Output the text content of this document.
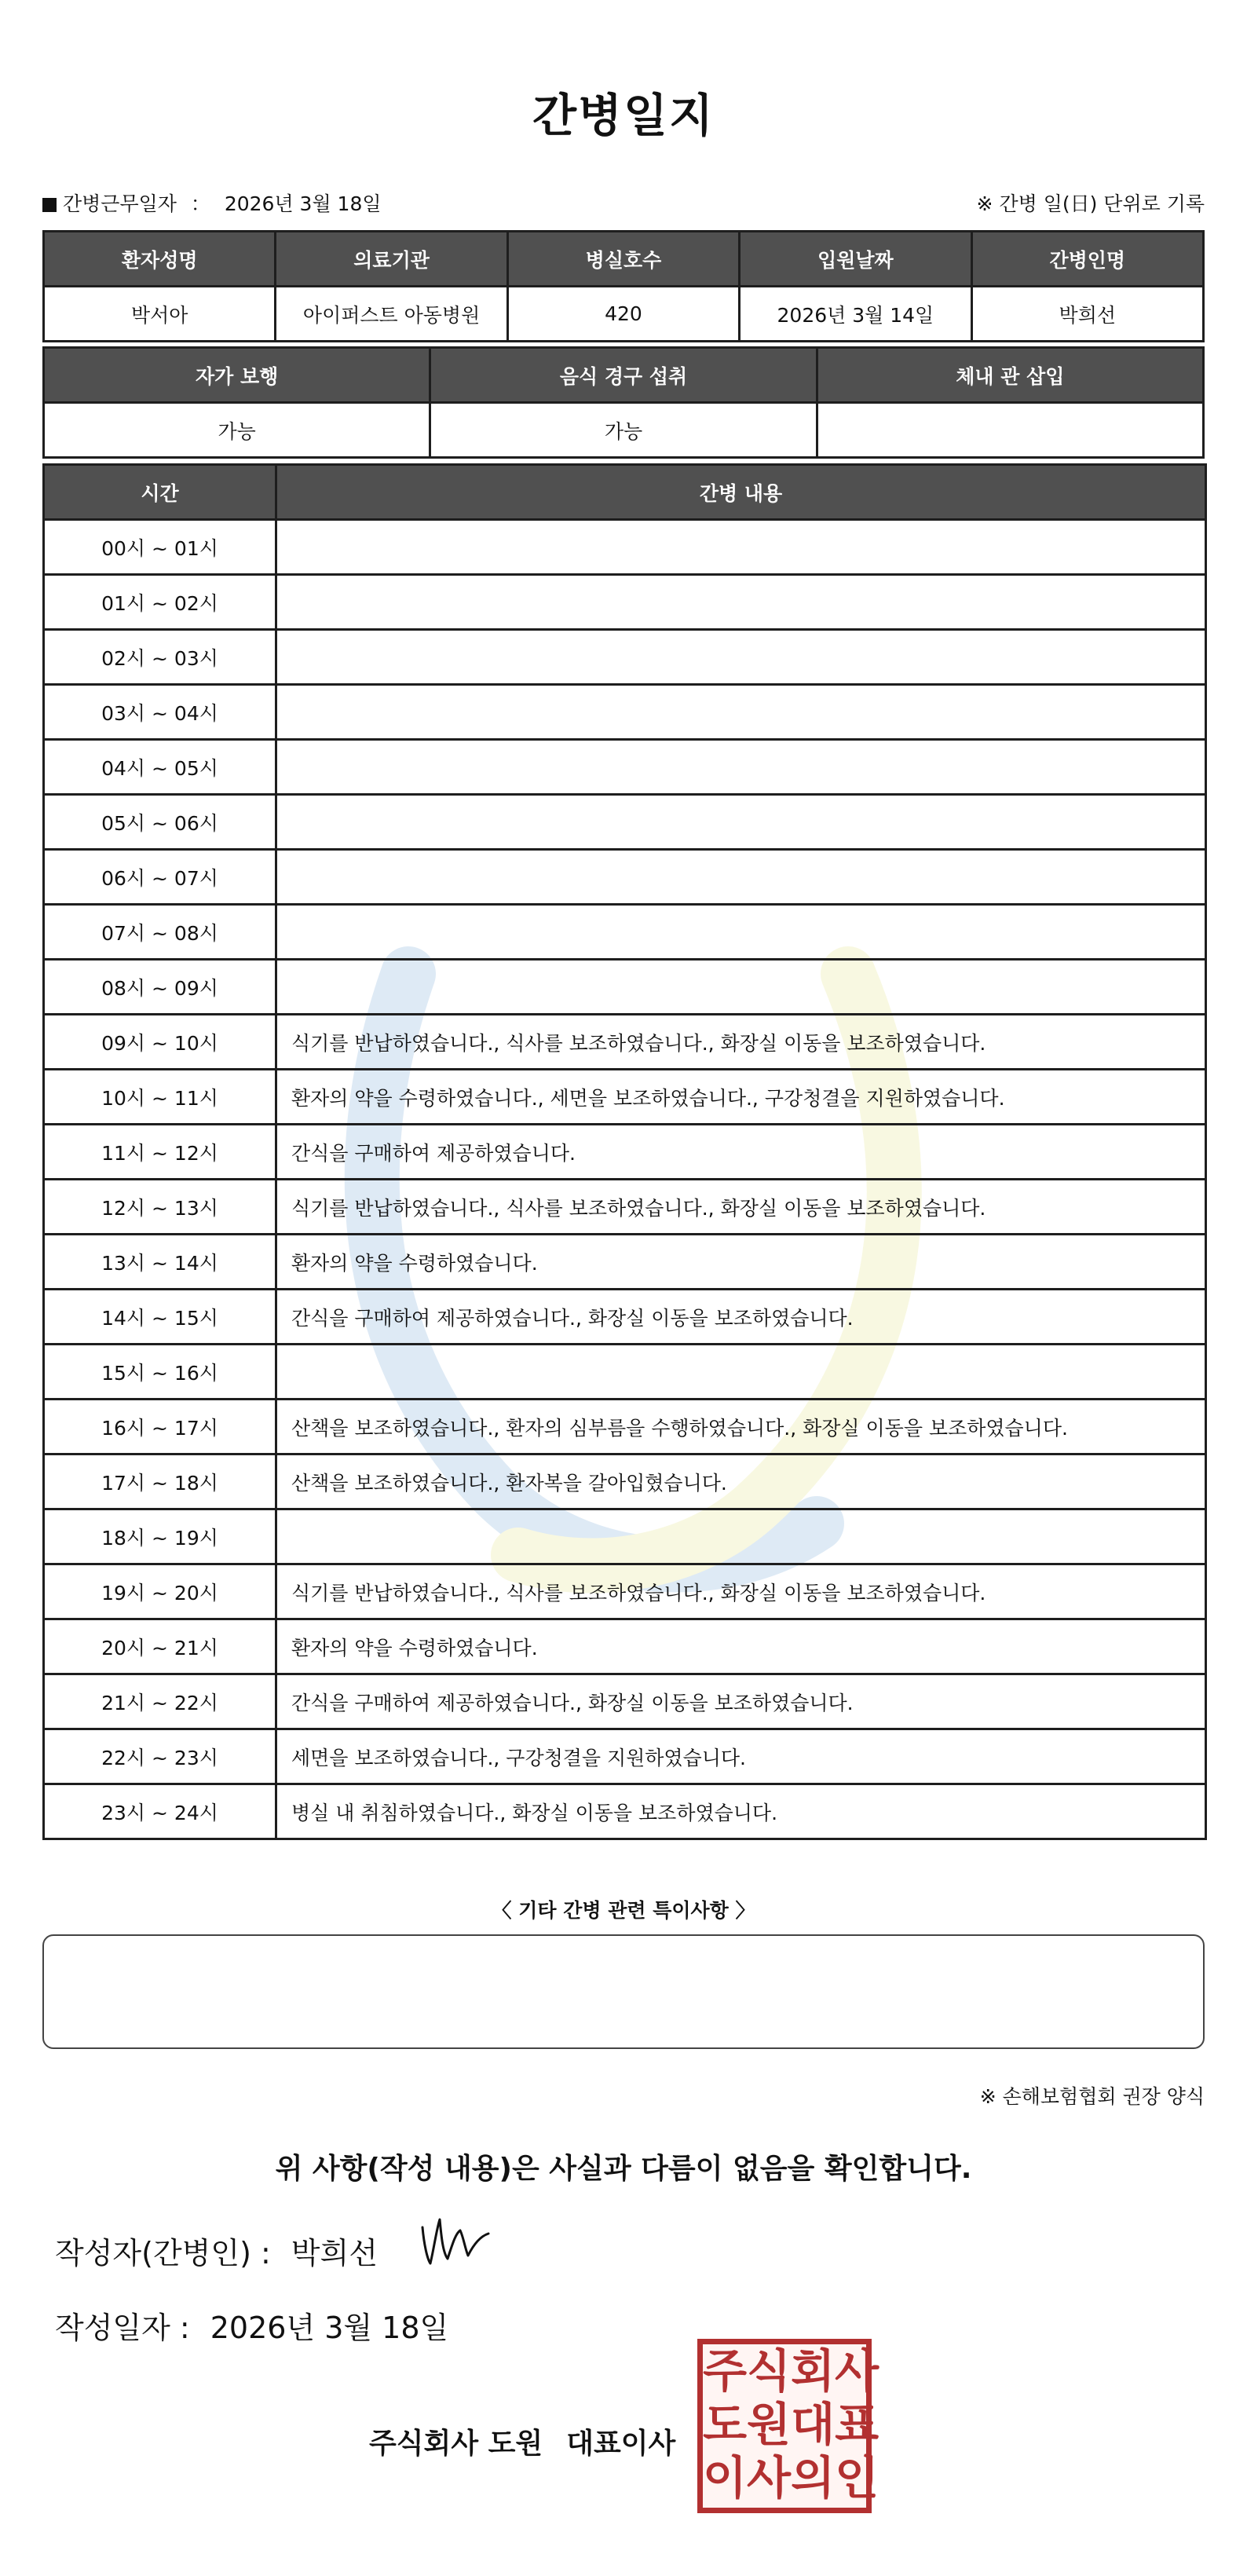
간병일지
간병근무일자 ： 2026년 3월 18일	※ 간병 일(日) 단위로 기록
환자성명	의료기관	병실호수	입원날짜	간병인명
박서아	아이퍼스트 아동병원	420	2026년 3월 14일	박희선
자가 보행	음식 경구 섭취	체내 관 삽입
가능	가능	
시간	간병 내용
00시 ~ 01시	
01시 ~ 02시	
02시 ~ 03시	
03시 ~ 04시	
04시 ~ 05시	
05시 ~ 06시	
06시 ~ 07시	
07시 ~ 08시	
08시 ~ 09시	
09시 ~ 10시	식기를 반납하였습니다., 식사를 보조하였습니다., 화장실 이동을 보조하였습니다.
10시 ~ 11시	환자의 약을 수령하였습니다., 세면을 보조하였습니다., 구강청결을 지원하였습니다.
11시 ~ 12시	간식을 구매하여 제공하였습니다.
12시 ~ 13시	식기를 반납하였습니다., 식사를 보조하였습니다., 화장실 이동을 보조하였습니다.
13시 ~ 14시	환자의 약을 수령하였습니다.
14시 ~ 15시	간식을 구매하여 제공하였습니다., 화장실 이동을 보조하였습니다.
15시 ~ 16시	
16시 ~ 17시	산책을 보조하였습니다., 환자의 심부름을 수행하였습니다., 화장실 이동을 보조하였습니다.
17시 ~ 18시	산책을 보조하였습니다., 환자복을 갈아입혔습니다.
18시 ~ 19시	
19시 ~ 20시	식기를 반납하였습니다., 식사를 보조하였습니다., 화장실 이동을 보조하였습니다.
20시 ~ 21시	환자의 약을 수령하였습니다.
21시 ~ 22시	간식을 구매하여 제공하였습니다., 화장실 이동을 보조하였습니다.
22시 ~ 23시	세면을 보조하였습니다., 구강청결을 지원하였습니다.
23시 ~ 24시	병실 내 취침하였습니다., 화장실 이동을 보조하였습니다.
〈 기타 간병 관련 특이사항 〉
※ 손해보험협회 권장 양식
위 사항(작성 내용)은 사실과 다름이 없음을 확인합니다.
작성자(간병인) : 박희선
작성일자 : 2026년 3월 18일
주식회사 도원 대표이사
주 식 회 사
도 원 대 표
이 사 의 인
